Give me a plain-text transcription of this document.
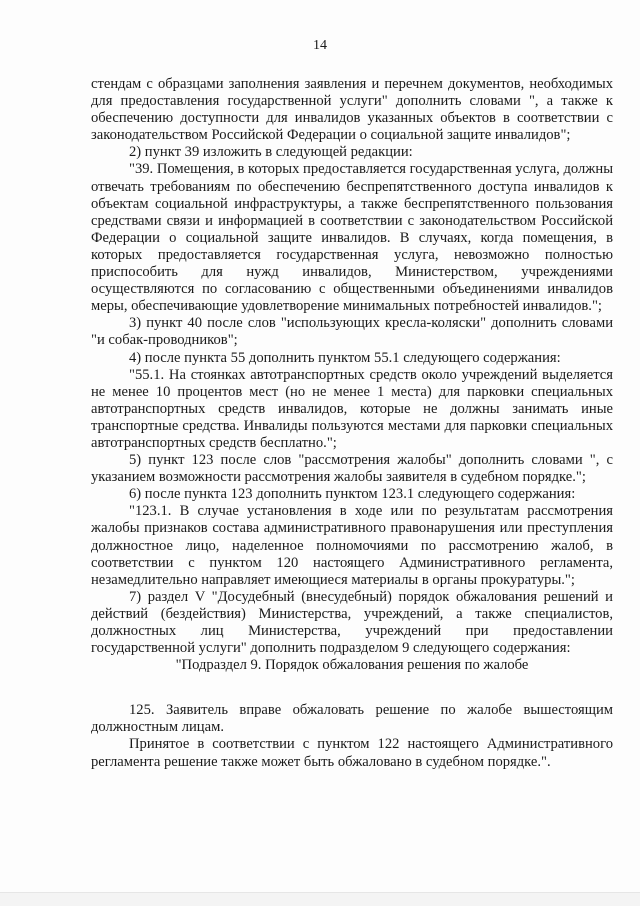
14

стендам с образцами заполнения заявления и перечнем документов, необходимых для предоставления государственной услуги" дополнить словами ", а также к обеспечению доступности для инвалидов указанных объектов в соответствии с законодательством Российской Федерации о социальной защите инвалидов";

2) пункт 39 изложить в следующей редакции:

"39. Помещения, в которых предоставляется государственная услуга, должны отвечать требованиям по обеспечению беспрепятственного доступа инвалидов к объектам социальной инфраструктуры, а также беспрепятственного пользования средствами связи и информацией в соответствии с законодательством Российской Федерации о социальной защите инвалидов. В случаях, когда помещения, в которых предоставляется государственная услуга, невозможно полностью приспособить для нужд инвалидов, Министерством, учреждениями осуществляются по согласованию с общественными объединениями инвалидов меры, обеспечивающие удовлетворение минимальных потребностей инвалидов.";

3) пункт 40 после слов "использующих кресла-коляски" дополнить словами "и собак-проводников";

4) после пункта 55 дополнить пунктом 55.1 следующего содержания:

"55.1. На стоянках автотранспортных средств около учреждений выделяется не менее 10 процентов мест (но не менее 1 места) для парковки специальных автотранспортных средств инвалидов, которые не должны занимать иные транспортные средства. Инвалиды пользуются местами для парковки специальных автотранспортных средств бесплатно.";

5) пункт 123 после слов "рассмотрения жалобы" дополнить словами ", с указанием возможности рассмотрения жалобы заявителя в судебном порядке.";

6) после пункта 123 дополнить пунктом 123.1 следующего содержания:

"123.1. В случае установления в ходе или по результатам рассмотрения жалобы признаков состава административного правонарушения или преступления должностное лицо, наделенное полномочиями по рассмотрению жалоб, в соответствии с пунктом 120 настоящего Административного регламента, незамедлительно направляет имеющиеся материалы в органы прокуратуры.";

7) раздел V "Досудебный (внесудебный) порядок обжалования решений и действий (бездействия) Министерства, учреждений, а также специалистов, должностных лиц Министерства, учреждений при предоставлении государственной услуги" дополнить подразделом 9 следующего содержания:

"Подраздел 9. Порядок обжалования решения по жалобе

125. Заявитель вправе обжаловать решение по жалобе вышестоящим должностным лицам.

Принятое в соответствии с пунктом 122 настоящего Административного регламента решение также может быть обжаловано в судебном порядке.".
